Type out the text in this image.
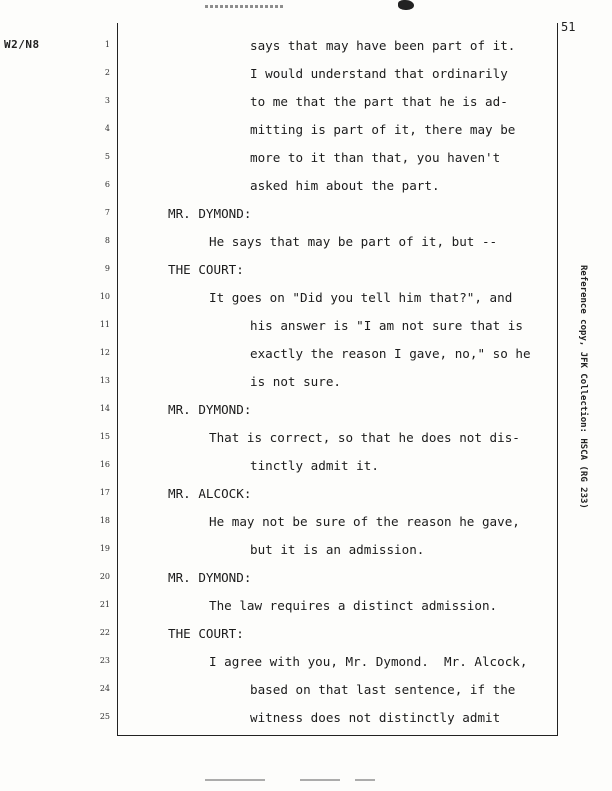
W2/N8
51
1
2
3
4
5
6
7
8
9
10
11
12
13
14
15
16
17
18
19
20
21
22
23
24
25
says that may have been part of it.
I would understand that ordinarily
to me that the part that he is ad-
mitting is part of it, there may be
more to it than that, you haven't
asked him about the part.
MR. DYMOND:
He says that may be part of it, but --
THE COURT:
It goes on "Did you tell him that?", and
his answer is "I am not sure that is
exactly the reason I gave, no," so he
is not sure.
MR. DYMOND:
That is correct, so that he does not dis-
tinctly admit it.
MR. ALCOCK:
He may not be sure of the reason he gave,
but it is an admission.
MR. DYMOND:
The law requires a distinct admission.
THE COURT:
I agree with you, Mr. Dymond.  Mr. Alcock,
based on that last sentence, if the
witness does not distinctly admit
Reference copy, JFK Collection: HSCA (RG 233)
